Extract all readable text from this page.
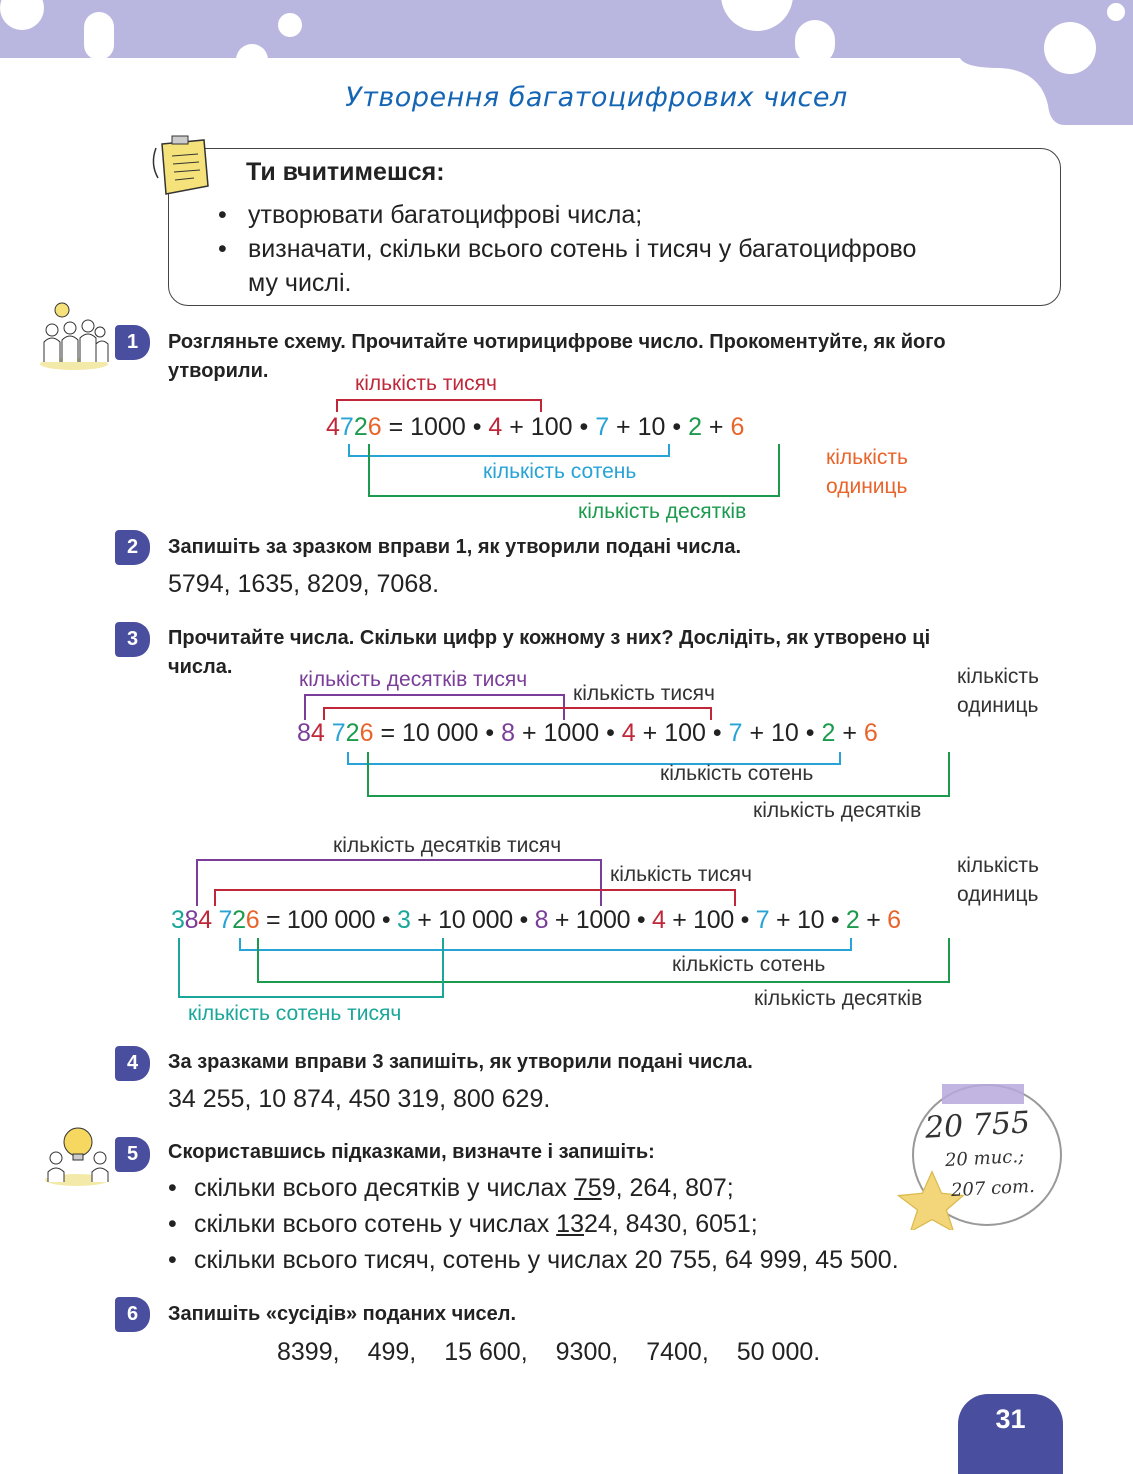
Утворення багатоцифрових чисел
Ти вчитимешся:
• утворювати багатоцифрові числа;
• визначати, скільки всього сотень і тисяч у багатоцифрово
му числі.
1	Розгляньте схему. Прочитайте чотирицифрове число. Прокоментуйте, як його
утворили.
кількість тисяч
4726 = 1000 • 4 + 100 • 7 + 10 • 2 + 6
кількість сотень
кількість
одиниць
кількість десятків
2	Запишіть за зразком вправи 1, як утворили подані числа.
5794, 1635, 8209, 7068.
3	Прочитайте числа. Скільки цифр у кожному з них? Дослідіть, як утворено ці
числа.
кількість десятків тисяч
кількість тисяч
кількість
одиниць
84 726 = 10 000 • 8 + 1000 • 4 + 100 • 7 + 10 • 2 + 6
кількість сотень
кількість десятків
кількість десятків тисяч
кількість тисяч	кількість
одиниць
384 726 = 100 000 • 3 + 10 000 • 8 + 1000 • 4 + 100 • 7 + 10 • 2 + 6
кількість сотень
кількість десятків
кількість сотень тисяч
4	За зразками вправи 3 запишіть, як утворили подані числа.
34 255, 10 874, 450 319, 800 629.
5	Скориставшись підказками, визначте і запишіть:
• скільки всього десятків у числах 759, 264, 807;
• скільки всього сотень у числах 1324, 8430, 6051;
• скільки всього тисяч, сотень у числах 20 755, 64 999, 45 500.
20 755
20 тис.;
207 сот.
6	Запишіть «сусідів» поданих чисел.
8399, 499, 15 600, 9300, 7400, 50 000.
31
